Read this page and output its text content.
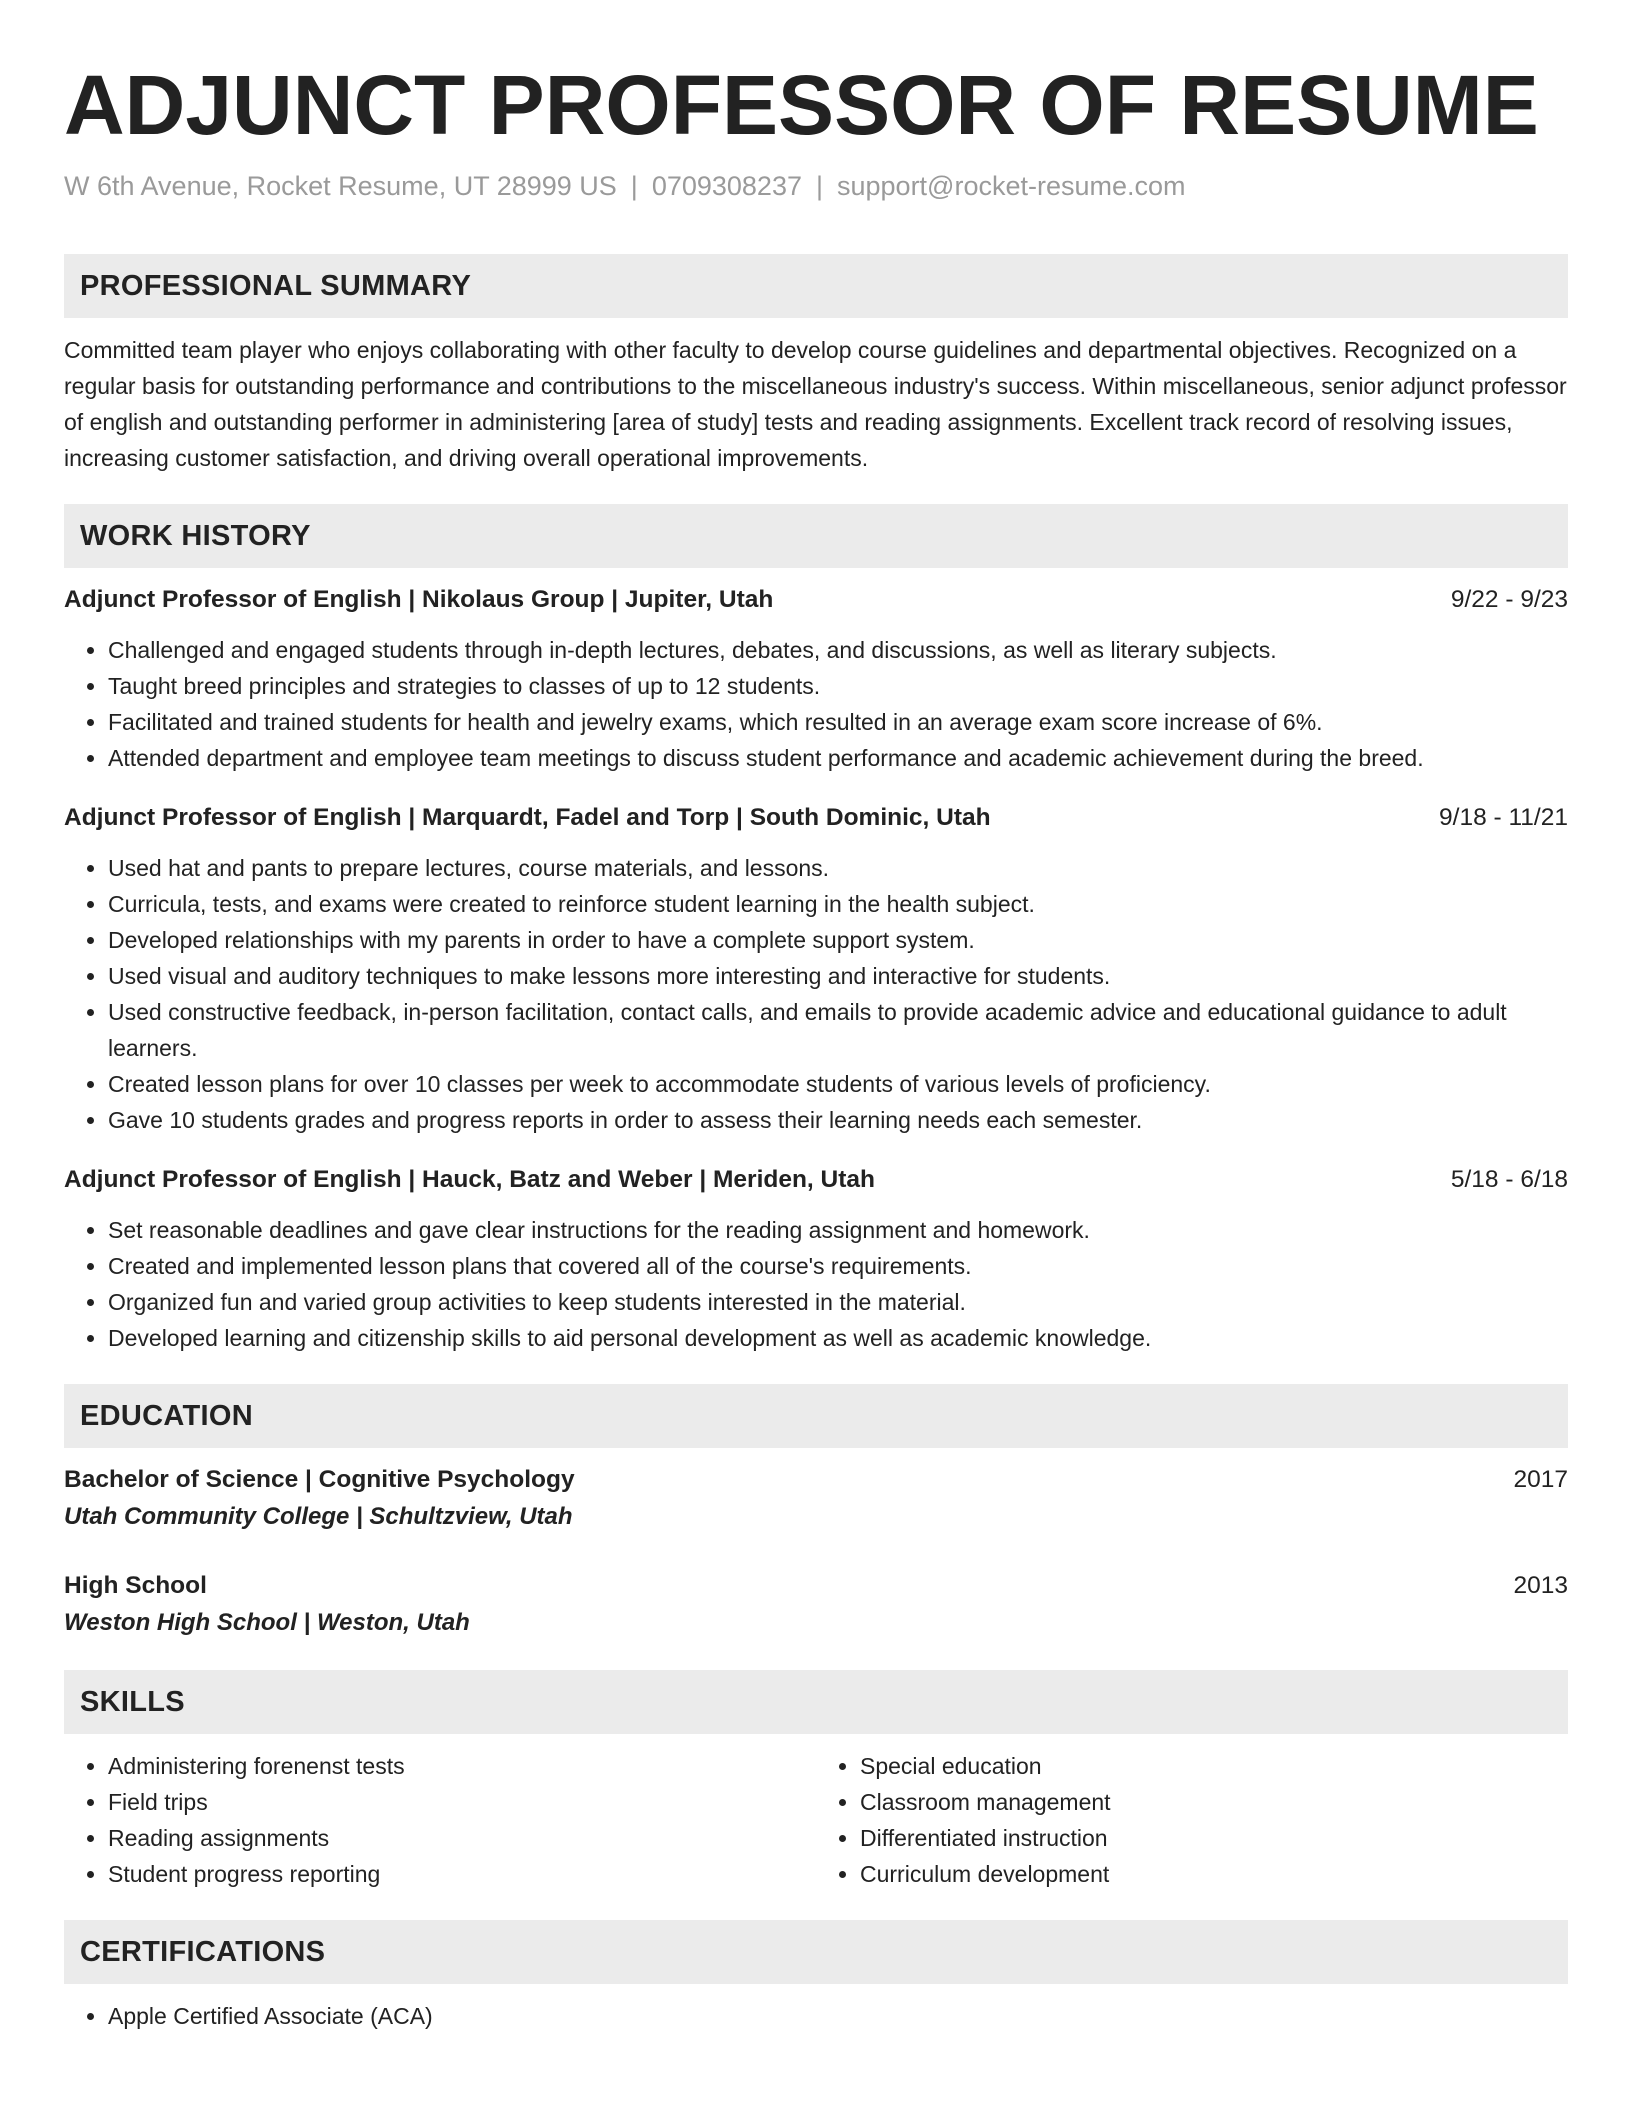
ADJUNCT PROFESSOR OF RESUME
W 6th Avenue, Rocket Resume, UT 28999 US | 0709308237 | support@rocket-resume.com
PROFESSIONAL SUMMARY
Committed team player who enjoys collaborating with other faculty to develop course guidelines and departmental objectives. Recognized on a regular basis for outstanding performance and contributions to the miscellaneous industry's success. Within miscellaneous, senior adjunct professor of english and outstanding performer in administering [area of study] tests and reading assignments. Excellent track record of resolving issues, increasing customer satisfaction, and driving overall operational improvements.
WORK HISTORY
Adjunct Professor of English | Nikolaus Group | Jupiter, Utah	9/22 - 9/23
• Challenged and engaged students through in-depth lectures, debates, and discussions, as well as literary subjects.
• Taught breed principles and strategies to classes of up to 12 students.
• Facilitated and trained students for health and jewelry exams, which resulted in an average exam score increase of 6%.
• Attended department and employee team meetings to discuss student performance and academic achievement during the breed.
Adjunct Professor of English | Marquardt, Fadel and Torp | South Dominic, Utah	9/18 - 11/21
• Used hat and pants to prepare lectures, course materials, and lessons.
• Curricula, tests, and exams were created to reinforce student learning in the health subject.
• Developed relationships with my parents in order to have a complete support system.
• Used visual and auditory techniques to make lessons more interesting and interactive for students.
• Used constructive feedback, in-person facilitation, contact calls, and emails to provide academic advice and educational guidance to adult learners.
• Created lesson plans for over 10 classes per week to accommodate students of various levels of proficiency.
• Gave 10 students grades and progress reports in order to assess their learning needs each semester.
Adjunct Professor of English | Hauck, Batz and Weber | Meriden, Utah	5/18 - 6/18
• Set reasonable deadlines and gave clear instructions for the reading assignment and homework.
• Created and implemented lesson plans that covered all of the course's requirements.
• Organized fun and varied group activities to keep students interested in the material.
• Developed learning and citizenship skills to aid personal development as well as academic knowledge.
EDUCATION
Bachelor of Science | Cognitive Psychology	2017
Utah Community College | Schultzview, Utah
High School	2013
Weston High School | Weston, Utah
SKILLS
• Administering forenenst tests
• Field trips
• Reading assignments
• Student progress reporting
• Special education
• Classroom management
• Differentiated instruction
• Curriculum development
CERTIFICATIONS
• Apple Certified Associate (ACA)
